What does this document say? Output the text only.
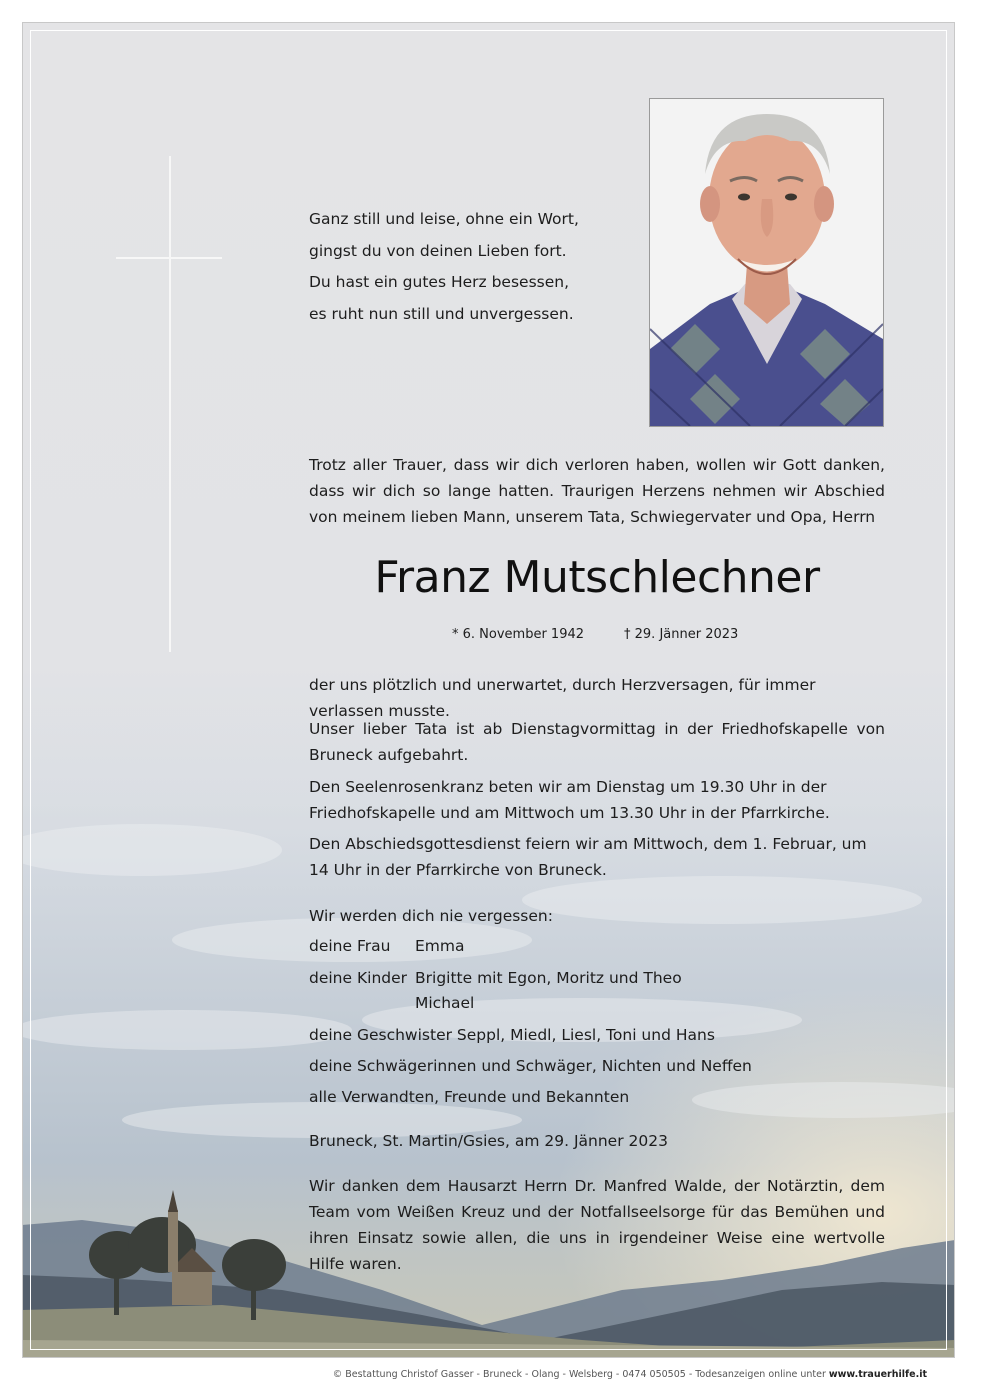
Ganz still und leise, ohne ein Wort,
gingst du von deinen Lieben fort.
Du hast ein gutes Herz besessen,
es ruht nun still und unvergessen.

Trotz aller Trauer, dass wir dich verloren haben, wollen wir Gott danken, dass wir dich so lange hatten. Traurigen Herzens nehmen wir Abschied von meinem lieben Mann, unserem Tata, Schwiegervater und Opa, Herrn

Franz Mutschlechner
* 6. November 1942	† 29. Jänner 2023

der uns plötzlich und unerwartet, durch Herzversagen, für immer verlassen musste.

Unser lieber Tata ist ab Dienstagvormittag in der Friedhofskapelle von Bruneck aufgebahrt.

Den Seelenrosenkranz beten wir am Dienstag um 19.30 Uhr in der Friedhofskapelle und am Mittwoch um 13.30 Uhr in der Pfarrkirche.

Den Abschiedsgottesdienst feiern wir am Mittwoch, dem 1. Februar, um 14 Uhr in der Pfarrkirche von Bruneck.

Wir werden dich nie vergessen:

deine Frau Emma
deine Kinder Brigitte mit Egon, Moritz und Theo
Michael
deine Geschwister Seppl, Miedl, Liesl, Toni und Hans
deine Schwägerinnen und Schwäger, Nichten und Neffen
alle Verwandten, Freunde und Bekannten

Bruneck, St. Martin/Gsies, am 29. Jänner 2023

Wir danken dem Hausarzt Herrn Dr. Manfred Walde, der Notärztin, dem Team vom Weißen Kreuz und der Notfallseelsorge für das Bemühen und ihren Einsatz sowie allen, die uns in irgendeiner Weise eine wertvolle Hilfe waren.

© Bestattung Christof Gasser - Bruneck - Olang - Welsberg - 0474 050505 - Todesanzeigen online unter www.trauerhilfe.it
